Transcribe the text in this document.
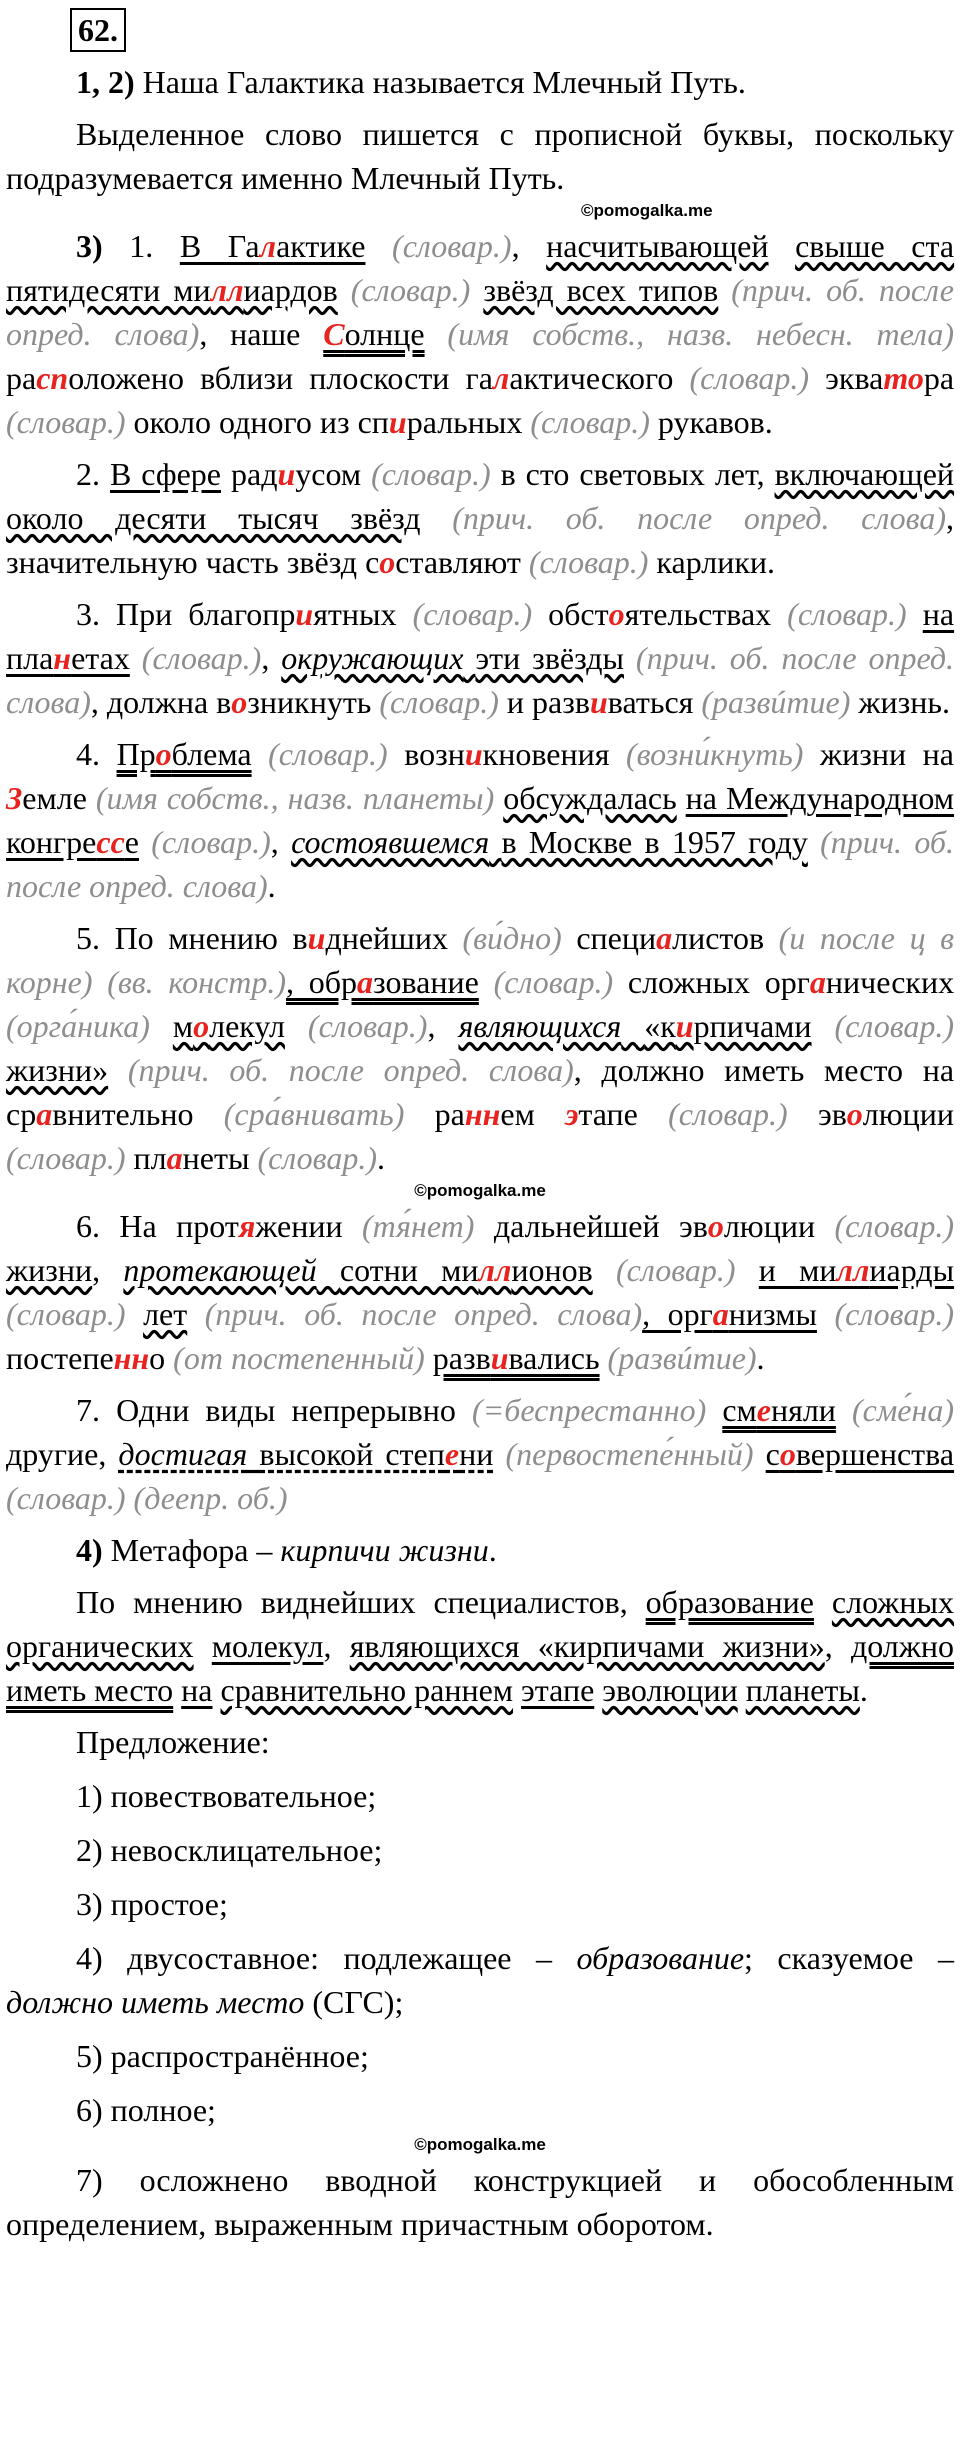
62.

1, 2) Наша Галактика называется Млечный Путь.

Выделенное слово пишется с прописной буквы, поскольку подразумевается именно Млечный Путь.

©pomogalka.me

3) 1. В Галактике (словар.), насчитывающей свыше ста пятидесяти миллиардов (словар.) звёзд всех типов (прич. об. после опред. слова), наше Солнце (имя собств., назв. небесн. тела) расположено вблизи плоскости галактического (словар.) экватора (словар.) около одного из спиральных (словар.) рукавов.

2. В сфере радиусом (словар.) в сто световых лет, включающей около десяти тысяч звёзд (прич. об. после опред. слова), значительную часть звёзд составляют (словар.) карлики.

3. При благоприятных (словар.) обстоятельствах (словар.) на планетах (словар.), окружающих эти звёзды (прич. об. после опред. слова), должна возникнуть (словар.) и развиваться (развúтие) жизнь.

4. Проблема (словар.) возникновения (возни́кнуть) жизни на Земле (имя собств., назв. планеты) обсуждалась на Международном конгрессе (словар.), состоявшемся в Москве в 1957 году (прич. об. после опред. слова).

5. По мнению виднейших (ви́дно) специалистов (и после ц в корне) (вв. констр.), образование (словар.) сложных органических (орга́ника) молекул (словар.), являющихся «кирпичами (словар.) жизни» (прич. об. после опред. слова), должно иметь место на сравнительно (сра́внивать) раннем этапе (словар.) эволюции (словар.) планеты (словар.).

©pomogalka.me

6. На протяжении (тя́нет) дальнейшей эволюции (словар.) жизни, протекающей сотни миллионов (словар.) и миллиарды (словар.) лет (прич. об. после опред. слова), организмы (словар.) постепенно (от постепенный) развивались (развúтие).

7. Одни виды непрерывно (=беспрестанно) сменяли (сме́на) другие, достигая высокой степени (первостепе́нный) совершенства (словар.) (деепр. об.)

4) Метафора – кирпичи жизни.

По мнению виднейших специалистов, образование сложных органических молекул, являющихся «кирпичами жизни», должно иметь место на сравнительно раннем этапе эволюции планеты.

Предложение:

1) повествовательное;

2) невосклицательное;

3) простое;

4) двусоставное: подлежащее – образование; сказуемое – должно иметь место (СГС);

5) распространённое;

6) полное;

©pomogalka.me

7) осложнено вводной конструкцией и обособленным определением, выраженным причастным оборотом.
